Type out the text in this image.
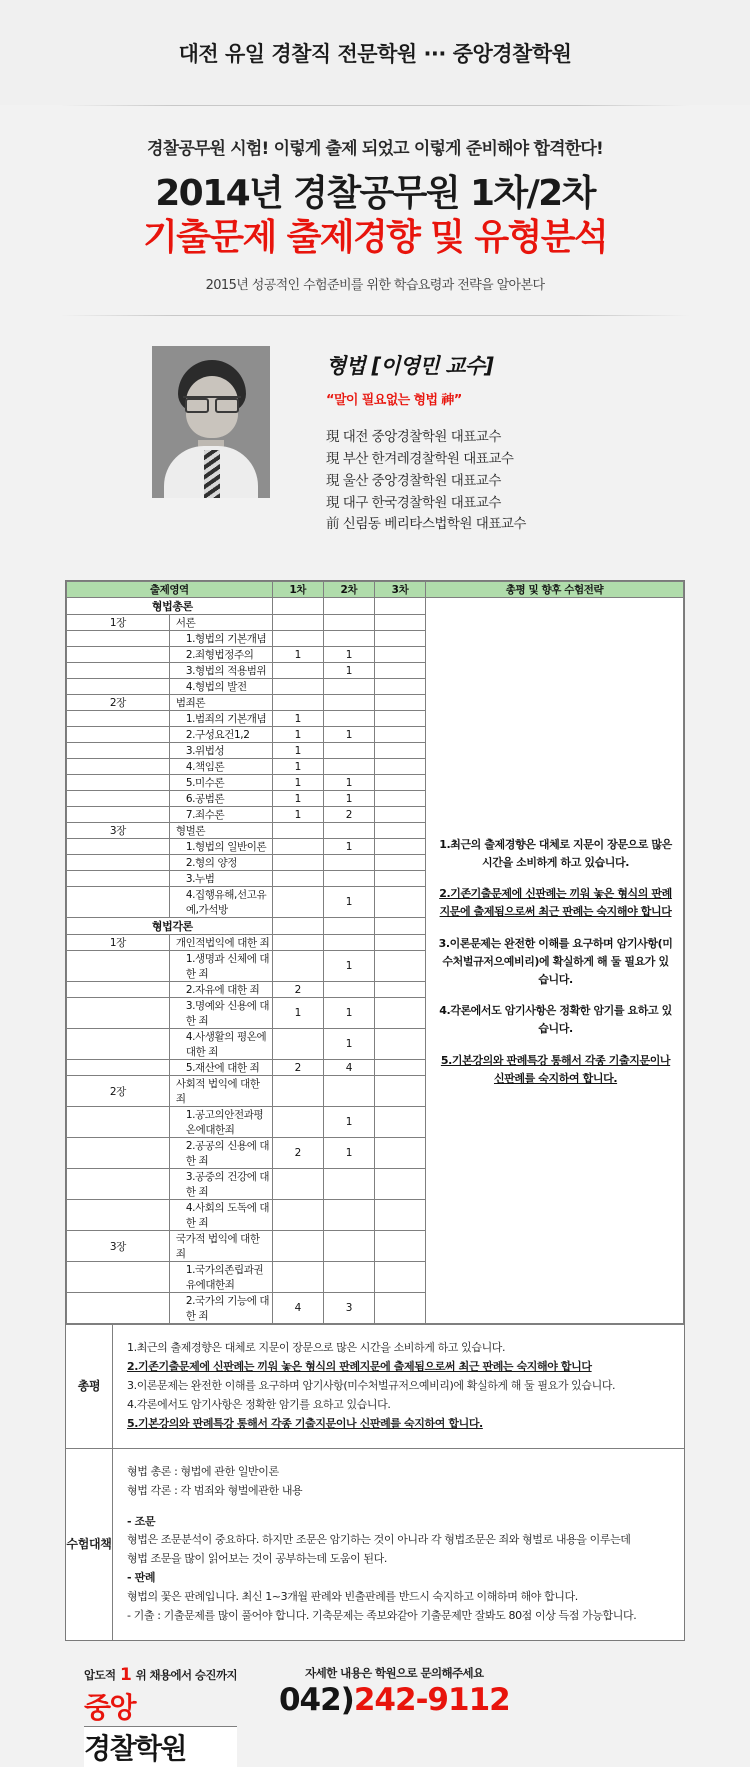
대전 유일 경찰직 전문학원 ··· 중앙경찰학원
경찰공무원 시험! 이렇게 출제 되었고 이렇게 준비해야 합격한다!
2014년 경찰공무원 1차/2차
기출문제 출제경향 및 유형분석
2015년 성공적인 수험준비를 위한 학습요령과 전략을 알아본다
형법 [이영민 교수]
“말이 필요없는 형법 神”
現 대전 중앙경찰학원 대표교수
現 부산 한겨레경찰학원 대표교수
現 울산 중앙경찰학원 대표교수
現 대구 한국경찰학원 대표교수
前 신림동 베리타스법학원 대표교수
출제영역		1차	2차	3차	총평 및 향후 수험전략
형법총론					1.최근의 출제경향은 대체로 지문이 장문으로 많은 시간을 소비하게 하고 있습니다.

2.기존기출문제에 신판례는 끼워 놓은 형식의 판례지문에 출제됨으로써 최근 판례는 숙지해야 합니다

3.이론문제는 완전한 이해를 요구하며 암기사항(미수처벌규저으예비리)에 확실하게 해 둘 필요가 있습니다.

4.각론에서도 암기사항은 정확한 암기를 요하고 있습니다.

5.기본강의와 판례특강 통해서 각종 기출지문이나 신판례를 숙지하여 합니다.

1장	서론				
	1.형법의 기본개념				
	2.죄형법정주의	1	1		
	3.형법의 적용범위		1		
	4.형법의 발전				
2장	범죄론				
	1.범죄의 기본개념	1			
	2.구성요건1,2	1	1		
	3.위법성	1			
	4.책임론	1			
	5.미수론	1	1		
	6.공범론	1	1		
	7.죄수론	1	2		
3장	형벌론				
	1.형법의 일반이론		1		
	2.형의 양정				
	3.누범				
	4.집행유해,선고유예,가석방		1		
형법각론					
1장	개인적법익에 대한 죄				
	1.생명과 신체에 대한 죄		1		
	2.자유에 대한 죄	2			
	3.명예와 신용에 대한 죄	1	1		
	4.사생활의 평온에대한 죄		1		
	5.재산에 대한 죄	2	4		
2장	사회적 법익에 대한 죄				
	1.공고의안전과평온에대한죄		1		
	2.공공의 신용에 대한 죄	2	1		
	3.공중의 건강에 대한 죄				
	4.사회의 도독에 대한 죄				
3장	국가적 법익에 대한 죄				
	1.국가의존립과권유에대한죄				
	2.국가의 기능에 대한 죄	4	3		
총평

1.최근의 출제경향은 대체로 지문이 장문으로 많은 시간을 소비하게 하고 있습니다.

2.기존기출문제에 신판례는 끼워 놓은 형식의 판례지문에 출제됨으로써 최근 판례는 숙지해야 합니다

3.이론문제는 완전한 이해를 요구하며 암기사항(미수처벌규저으예비리)에 확실하게 해 둘 필요가 있습니다.

4.각론에서도 암기사항은 정확한 암기를 요하고 있습니다.

5.기본강의와 판례특강 통해서 각종 기출지문이나 신판례를 숙지하여 합니다.

수험대책

형법 총론 : 형법에 관한 일반이론

형법 각론 : 각 범죄와 형벌에관한 내용

- 조문

형법은 조문분석이 중요하다. 하지만 조문은 암기하는 것이 아니라 각 형법조문은 죄와 형벌로 내용을 이루는데

형법 조문을 많이 읽어보는 것이 공부하는데 도움이 된다.

- 판례

형법의 꽃은 판례입니다. 최신 1~3개월 판례와 빈출판례를 반드시 숙지하고 이해하며 해야 합니다.

- 기출 : 기출문제를 많이 풀어야 합니다. 기축문제는 족보와같아 기출문제만 잘봐도 80점 이상 득점 가능합니다.

압도적 1 위 채용에서 승진까지
중앙
경찰학원
자세한 내용은 학원으로 문의해주세요
042)242-9112
